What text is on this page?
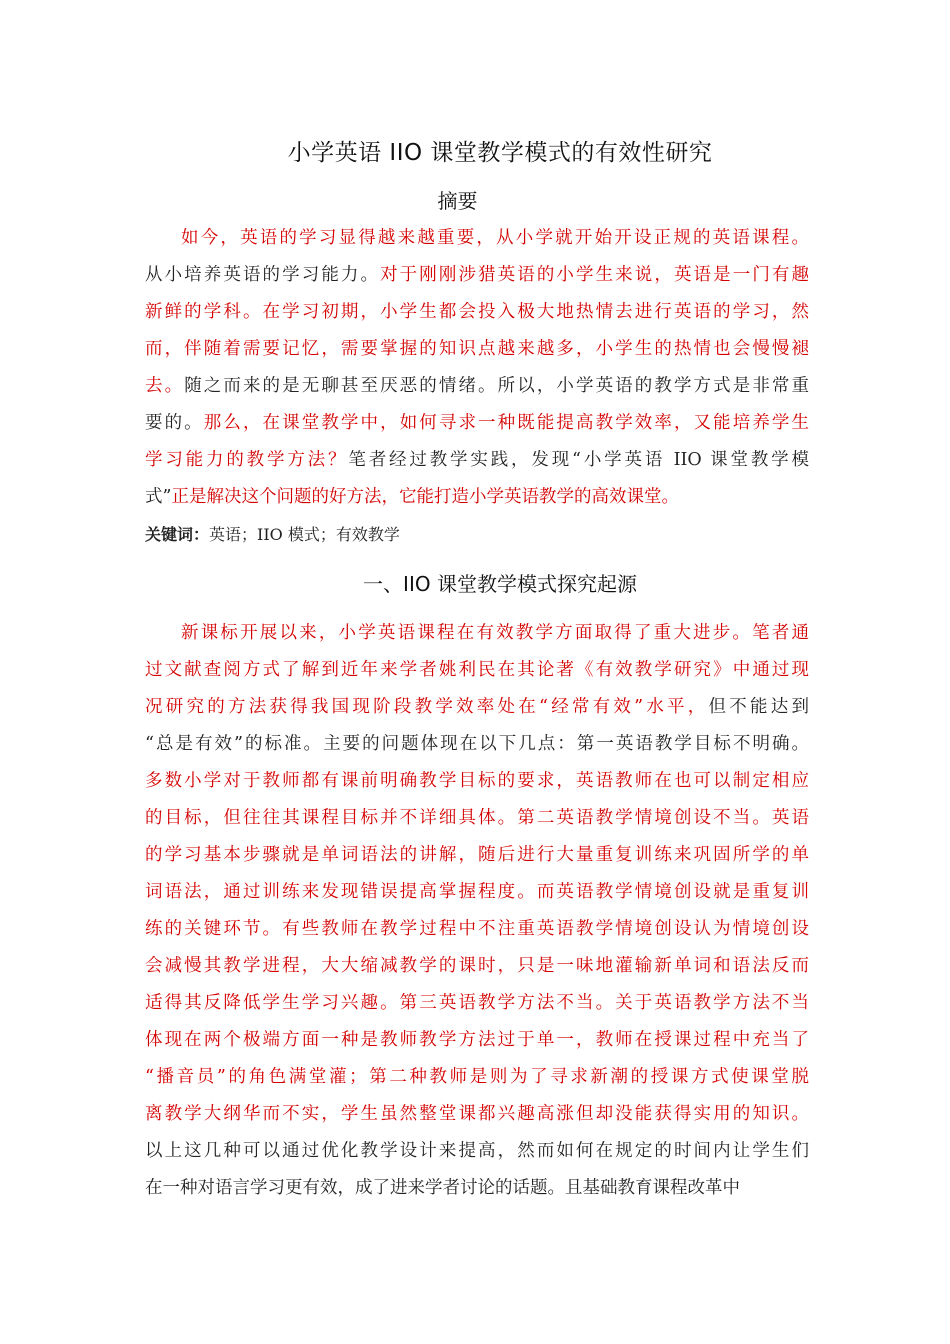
小学英语 IIO 课堂教学模式的有效性研究
摘要
如今，英语的学习显得越来越重要，从小学就开始开设正规的英语课程。
从小培养英语的学习能力。对于刚刚涉猎英语的小学生来说，英语是一门有趣
新鲜的学科。在学习初期，小学生都会投入极大地热情去进行英语的学习，然
而，伴随着需要记忆，需要掌握的知识点越来越多，小学生的热情也会慢慢褪
去。随之而来的是无聊甚至厌恶的情绪。所以，小学英语的教学方式是非常重
要的。那么，在课堂教学中，如何寻求一种既能提高教学效率，又能培养学生
学习能力的教学方法？笔者经过教学实践，发现“小学英语 IIO 课堂教学模
式”正是解决这个问题的好方法，它能打造小学英语教学的高效课堂。
关键词：英语；IIO 模式；有效教学
一、IIO 课堂教学模式探究起源
新课标开展以来，小学英语课程在有效教学方面取得了重大进步。笔者通
过文献查阅方式了解到近年来学者姚利民在其论著《有效教学研究》中通过现
况研究的方法获得我国现阶段教学效率处在“经常有效”水平，但不能达到
“总是有效”的标准。主要的问题体现在以下几点：第一英语教学目标不明确。
多数小学对于教师都有课前明确教学目标的要求，英语教师在也可以制定相应
的目标，但往往其课程目标并不详细具体。第二英语教学情境创设不当。英语
的学习基本步骤就是单词语法的讲解，随后进行大量重复训练来巩固所学的单
词语法，通过训练来发现错误提高掌握程度。而英语教学情境创设就是重复训
练的关键环节。有些教师在教学过程中不注重英语教学情境创设认为情境创设
会减慢其教学进程，大大缩减教学的课时，只是一味地灌输新单词和语法反而
适得其反降低学生学习兴趣。第三英语教学方法不当。关于英语教学方法不当
体现在两个极端方面一种是教师教学方法过于单一，教师在授课过程中充当了
“播音员”的角色满堂灌；第二种教师是则为了寻求新潮的授课方式使课堂脱
离教学大纲华而不实，学生虽然整堂课都兴趣高涨但却没能获得实用的知识。
以上这几种可以通过优化教学设计来提高，然而如何在规定的时间内让学生们
在一种对语言学习更有效，成了进来学者讨论的话题。且基础教育课程改革中
